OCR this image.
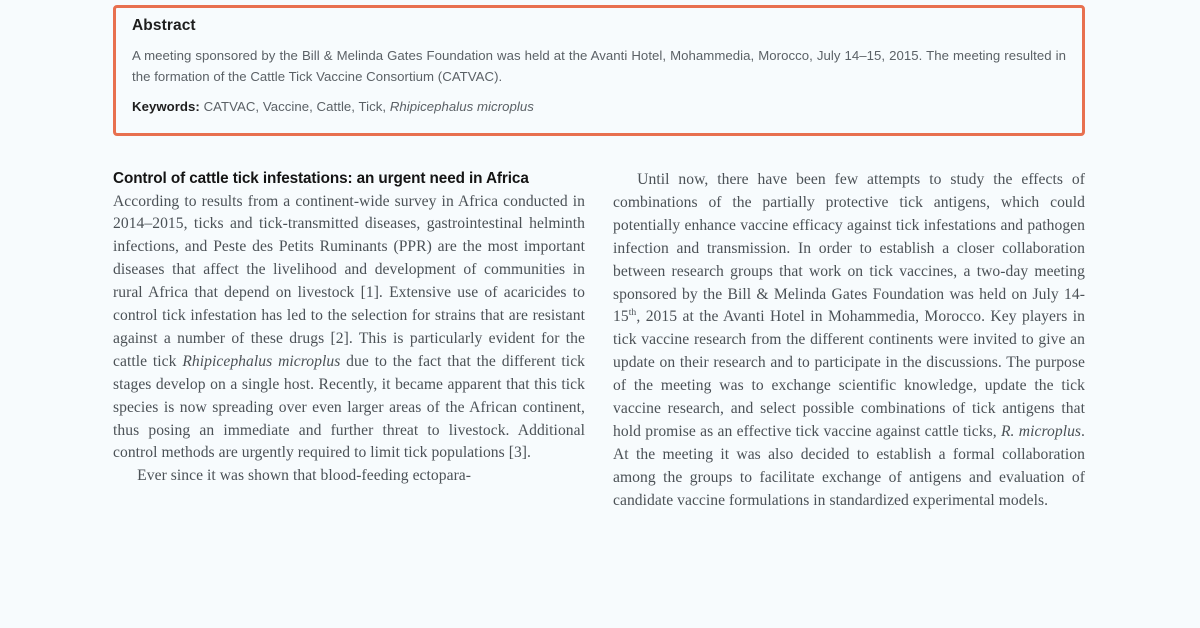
Abstract

A meeting sponsored by the Bill & Melinda Gates Foundation was held at the Avanti Hotel, Mohammedia, Morocco, July 14–15, 2015. The meeting resulted in the formation of the Cattle Tick Vaccine Consortium (CATVAC).

Keywords: CATVAC, Vaccine, Cattle, Tick, Rhipicephalus microplus

Control of cattle tick infestations: an urgent need in Africa

According to results from a continent-wide survey in Africa conducted in 2014–2015, ticks and tick-transmitted diseases, gastrointestinal helminth infections, and Peste des Petits Ruminants (PPR) are the most important diseases that affect the livelihood and development of communities in rural Africa that depend on livestock [1]. Extensive use of acaricides to control tick infestation has led to the selection for strains that are resistant against a number of these drugs [2]. This is particularly evident for the cattle tick Rhipicephalus microplus due to the fact that the different tick stages develop on a single host. Recently, it became apparent that this tick species is now spreading over even larger areas of the African continent, thus posing an immediate and further threat to livestock. Additional control methods are urgently required to limit tick populations [3].

Ever since it was shown that blood-feeding ectopara-

Until now, there have been few attempts to study the effects of combinations of the partially protective tick antigens, which could potentially enhance vaccine efficacy against tick infestations and pathogen infection and transmission. In order to establish a closer collaboration between research groups that work on tick vaccines, a two-day meeting sponsored by the Bill & Melinda Gates Foundation was held on July 14-15th, 2015 at the Avanti Hotel in Mohammedia, Morocco. Key players in tick vaccine research from the different continents were invited to give an update on their research and to participate in the discussions. The purpose of the meeting was to exchange scientific knowledge, update the tick vaccine research, and select possible combinations of tick antigens that hold promise as an effective tick vaccine against cattle ticks, R. microplus. At the meeting it was also decided to establish a formal collaboration among the groups to facilitate exchange of antigens and evaluation of candidate vaccine formulations in standardized experimental models.
